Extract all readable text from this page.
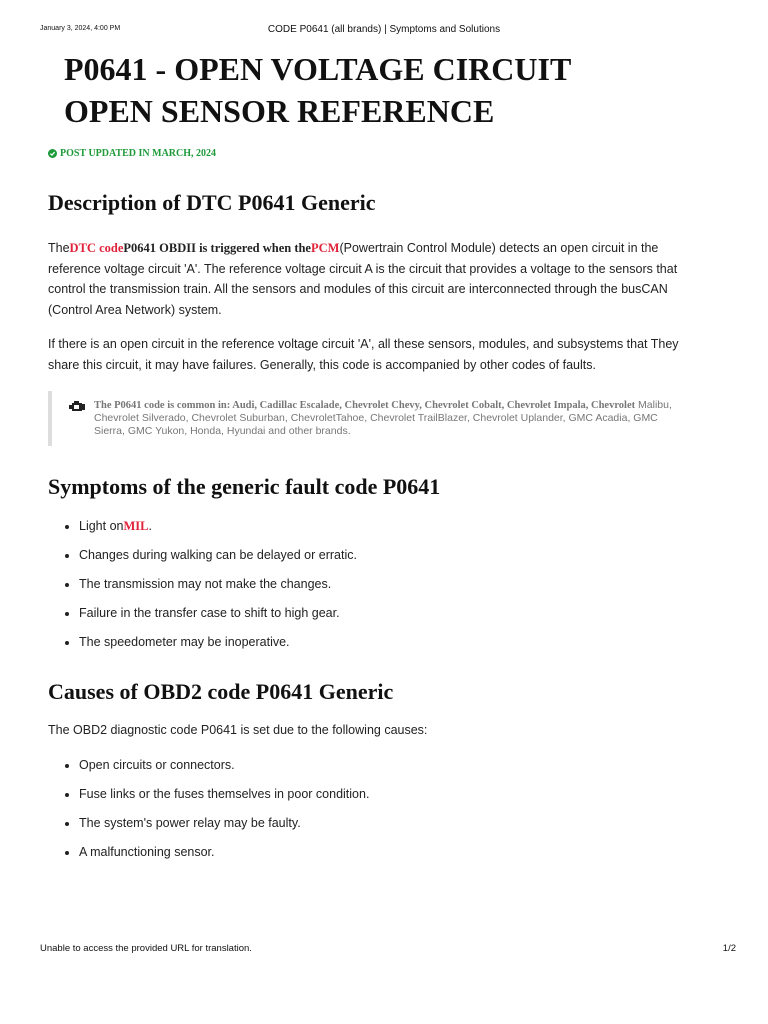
January 3, 2024, 4:00 PM	CODE P0641 (all brands) | Symptoms and Solutions
P0641 - OPEN VOLTAGE CIRCUIT
OPEN SENSOR REFERENCE
POST UPDATED IN MARCH, 2024
Description of DTC P0641 Generic

TheDTC codeP0641 OBDII is triggered when thePCM(Powertrain Control Module) detects an open circuit in the reference voltage circuit 'A'. The reference voltage circuit A is the circuit that provides a voltage to the sensors that control the transmission train. All the sensors and modules of this circuit are interconnected through the busCAN (Control Area Network) system.

If there is an open circuit in the reference voltage circuit 'A', all these sensors, modules, and subsystems that They share this circuit, it may have failures. Generally, this code is accompanied by other codes of faults.

The P0641 code is common in: Audi, Cadillac Escalade, Chevrolet Chevy, Chevrolet Cobalt, Chevrolet Impala, Chevrolet Malibu, Chevrolet Silverado, Chevrolet Suburban, ChevroletTahoe, Chevrolet TrailBlazer, Chevrolet Uplander, GMC Acadia, GMC Sierra, GMC Yukon, Honda, Hyundai and other brands.
Symptoms of the generic fault code P0641
• Light onMIL.
• Changes during walking can be delayed or erratic.
• The transmission may not make the changes.
• Failure in the transfer case to shift to high gear.
• The speedometer may be inoperative.
Causes of OBD2 code P0641 Generic

The OBD2 diagnostic code P0641 is set due to the following causes:

• Open circuits or connectors.
• Fuse links or the fuses themselves in poor condition.
• The system's power relay may be faulty.
• A malfunctioning sensor.
Unable to access the provided URL for translation.	1/2
